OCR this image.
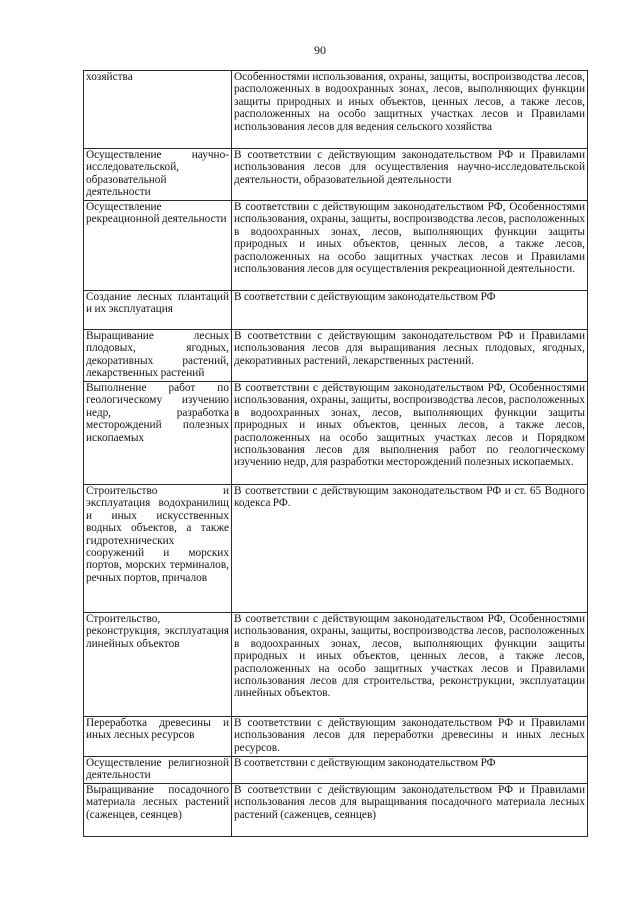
90
хозяйства	Особенностями использования, охраны, защиты, воспроизводства лесов, расположенных в водоохранных зонах, лесов, выполняющих функции защиты природных и иных объектов, ценных лесов, а также лесов, расположенных на особо защитных участках лесов и Правилами использования лесов для ведения сельского хозяйства
Осуществление научно-исследовательской, образовательной деятельности	В соответствии с действующим законодательством РФ и Правилами использования лесов для осуществления научно-исследовательской деятельности, образовательной деятельности
Осуществление рекреационной деятельности	В соответствии с действующим законодательством РФ, Особенностями использования, охраны, защиты, воспроизводства лесов, расположенных в водоохранных зонах, лесов, выполняющих функции защиты природных и иных объектов, ценных лесов, а также лесов, расположенных на особо защитных участках лесов и Правилами использования лесов для осуществления рекреационной деятельности.
Создание лесных плантаций и их эксплуатация	В соответствии с действующим законодательством РФ
Выращивание лесных плодовых, ягодных, декоративных растений, лекарственных растений	В соответствии с действующим законодательством РФ и Правилами использования лесов для выращивания лесных плодовых, ягодных, декоративных растений, лекарственных растений.
Выполнение работ по геологическому изучению недр, разработка месторождений полезных ископаемых	В соответствии с действующим законодательством РФ, Особенностями использования, охраны, защиты, воспроизводства лесов, расположенных в водоохранных зонах, лесов, выполняющих функции защиты природных и иных объектов, ценных лесов, а также лесов, расположенных на особо защитных участках лесов и Порядком использования лесов для выполнения работ по геологическому изучению недр, для разработки месторождений полезных ископаемых.
Строительство и эксплуатация водохранилищ и иных искусственных водных объектов, а также гидротехнических сооружений и морских портов, морских терминалов, речных портов, причалов	В соответствии с действующим законодательством РФ и ст. 65 Водного кодекса РФ.
Строительство, реконструкция, эксплуатация линейных объектов	В соответствии с действующим законодательством РФ, Особенностями использования, охраны, защиты, воспроизводства лесов, расположенных в водоохранных зонах, лесов, выполняющих функции защиты природных и иных объектов, ценных лесов, а также лесов, расположенных на особо защитных участках лесов и Правилами использования лесов для строительства, реконструкции, эксплуатации линейных объектов.
Переработка древесины и иных лесных ресурсов	В соответствии с действующим законодательством РФ и Правилами использования лесов для переработки древесины и иных лесных ресурсов.
Осуществление религиозной деятельности	В соответствии с действующим законодательством РФ
Выращивание посадочного материала лесных растений (саженцев, сеянцев)	В соответствии с действующим законодательством РФ и Правилами использования лесов для выращивания посадочного материала лесных растений (саженцев, сеянцев)
